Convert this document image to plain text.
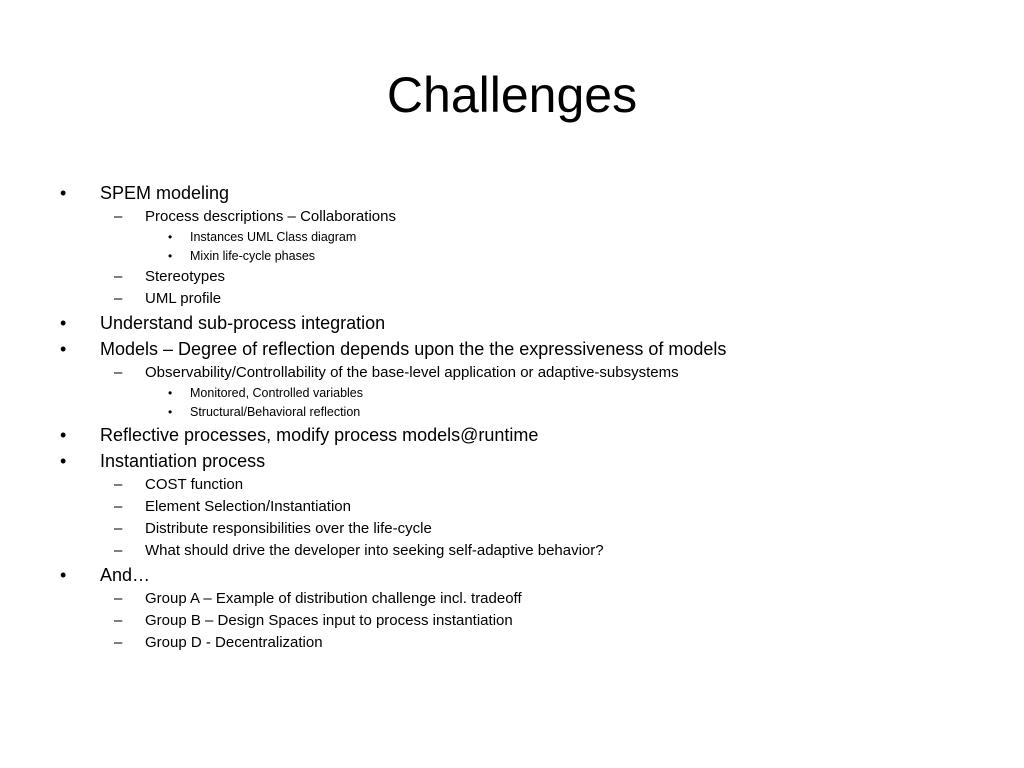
Challenges
• SPEM modeling
– Process descriptions – Collaborations
• Instances UML Class diagram
• Mixin life-cycle phases
– Stereotypes
– UML profile
• Understand sub-process integration
• Models – Degree of reflection depends upon the the expressiveness of models
– Observability/Controllability of the base-level application or adaptive-subsystems
• Monitored, Controlled variables
• Structural/Behavioral reflection
• Reflective processes, modify process models@runtime
• Instantiation process
– COST function
– Element Selection/Instantiation
– Distribute responsibilities over the life-cycle
– What should drive the developer into seeking self-adaptive behavior?
• And…
– Group A – Example of distribution challenge incl. tradeoff
– Group B – Design Spaces input to process instantiation
– Group D - Decentralization
